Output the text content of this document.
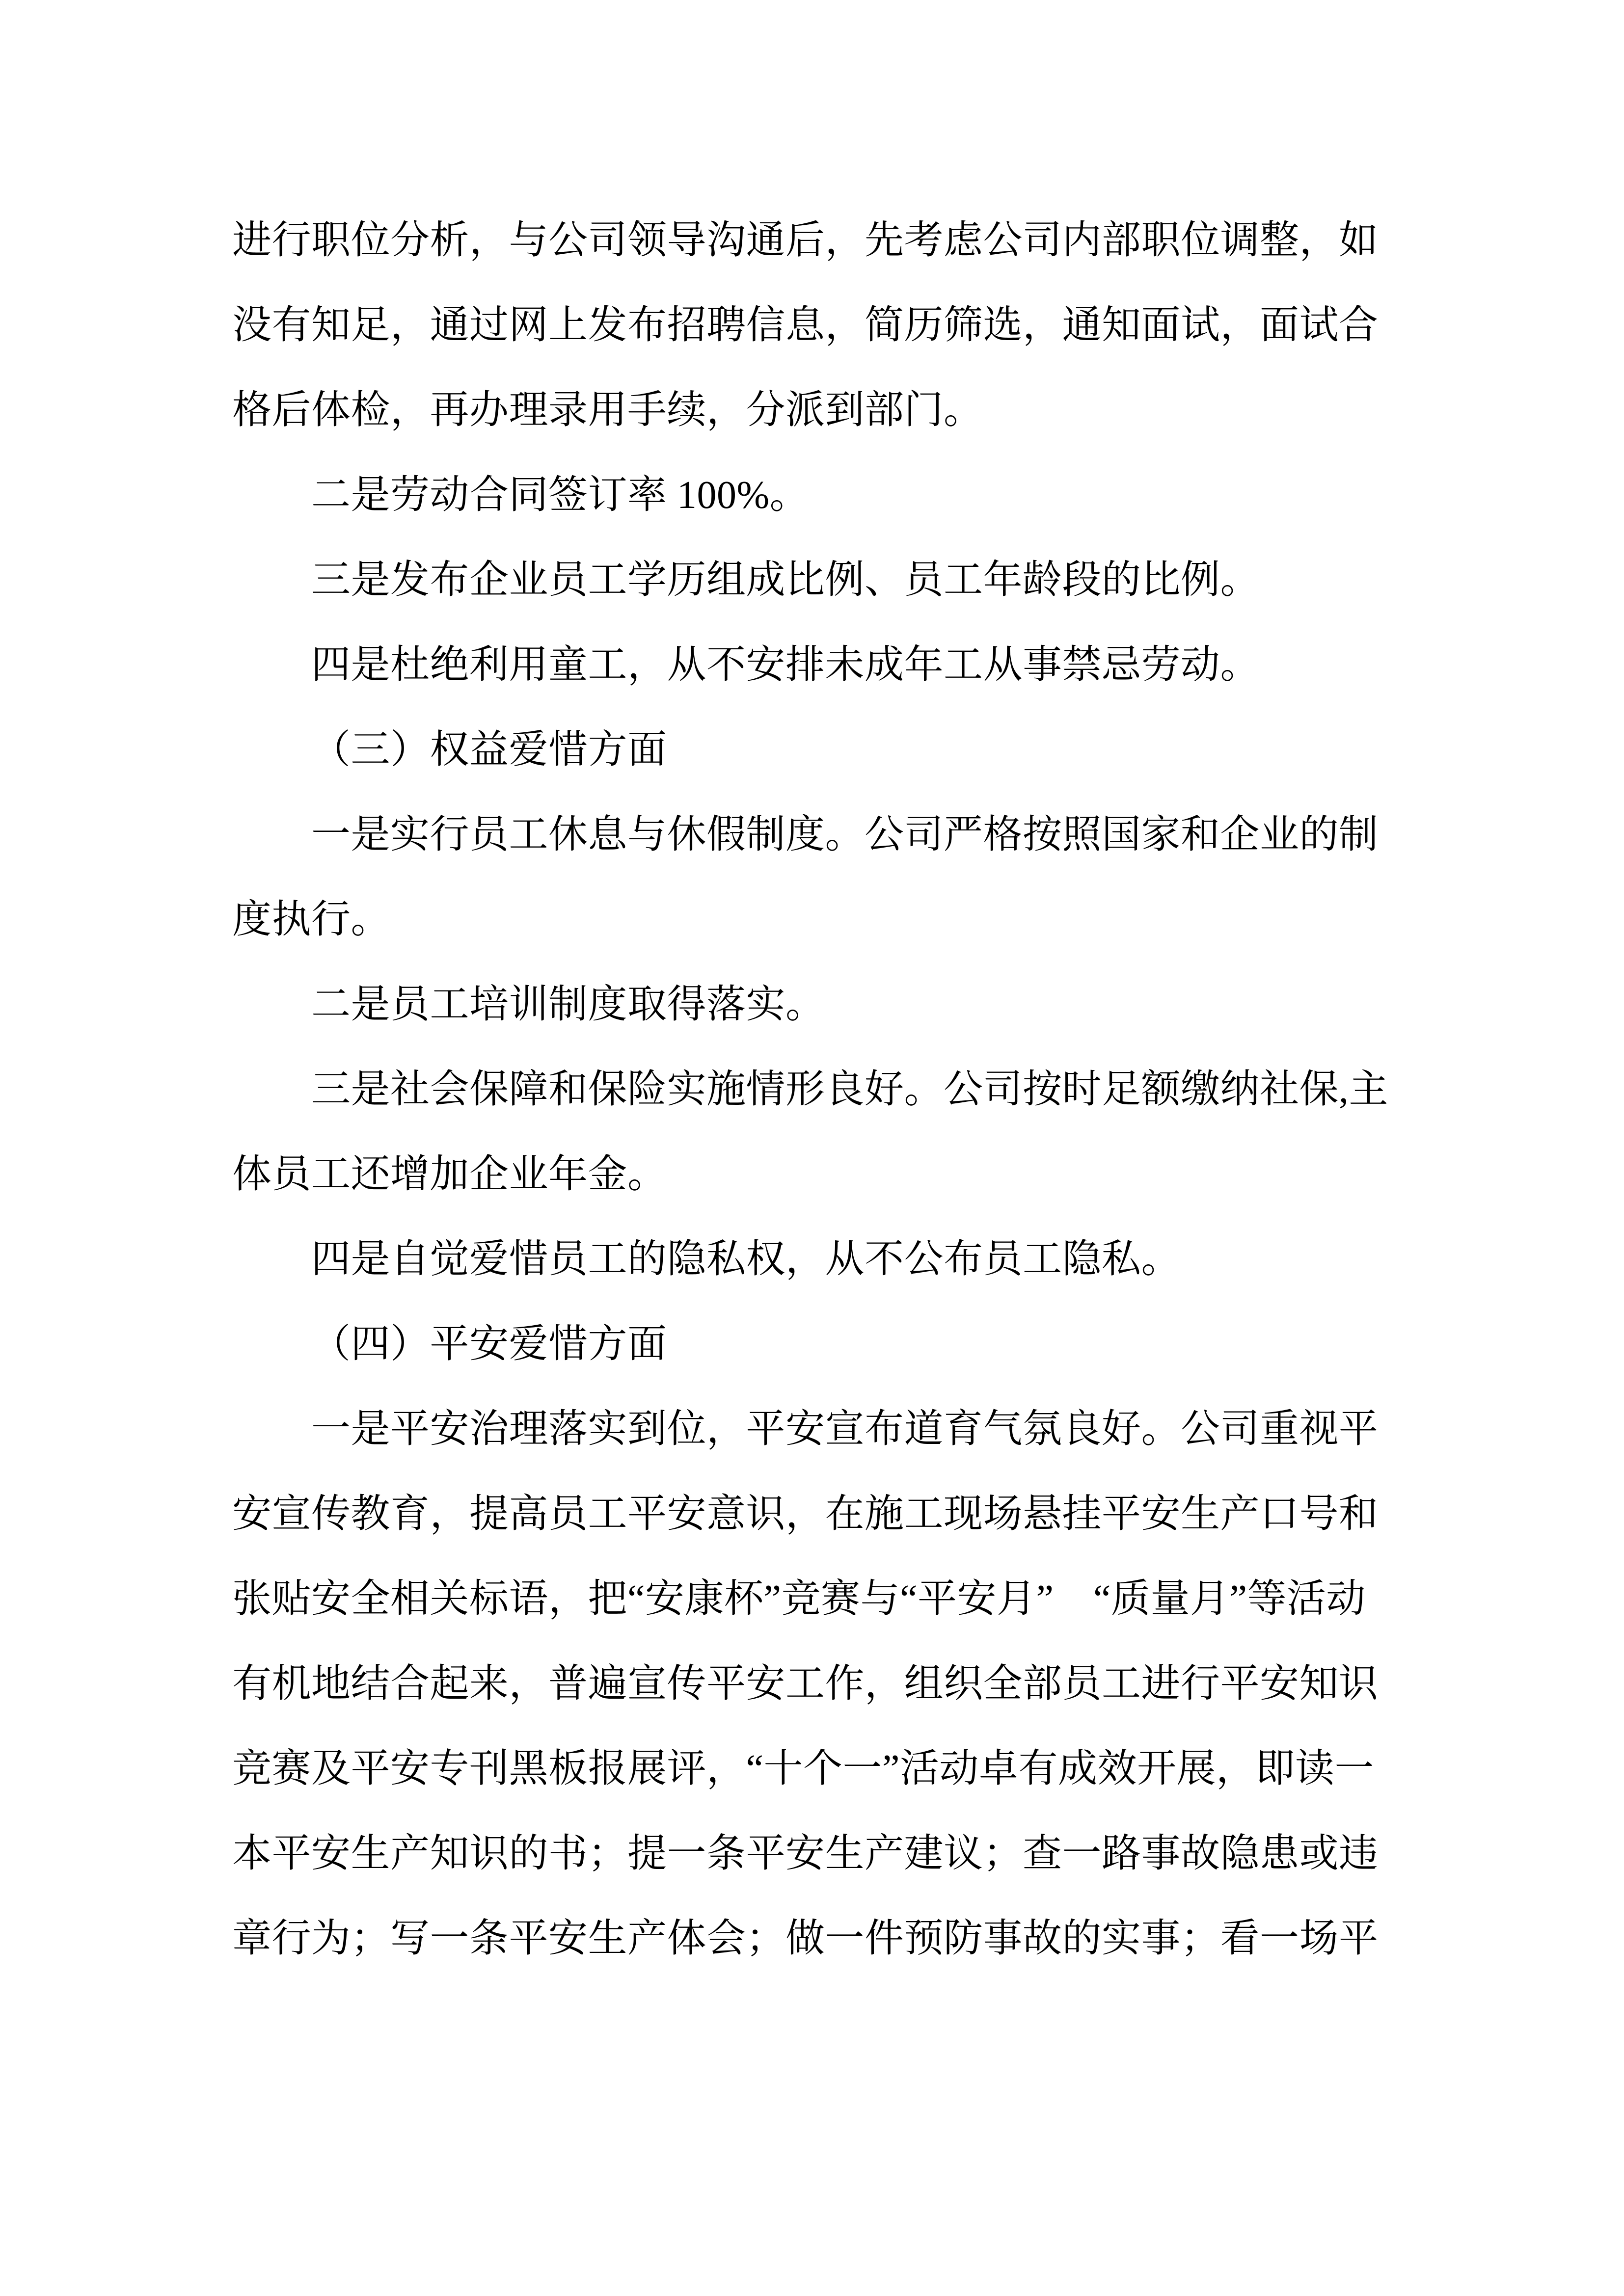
进行职位分析，与公司领导沟通后，先考虑公司内部职位调整，如
没有知足，通过网上发布招聘信息，简历筛选，通知面试，面试合
格后体检，再办理录用手续，分派到部门。
二是劳动合同签订率 100%。
三是发布企业员工学历组成比例、员工年龄段的比例。
四是杜绝利用童工，从不安排未成年工从事禁忌劳动。
（三）权益爱惜方面
一是实行员工休息与休假制度。公司严格按照国家和企业的制
度执行。
二是员工培训制度取得落实。
三是社会保障和保险实施情形良好。公司按时足额缴纳社保,主
体员工还增加企业年金。
四是自觉爱惜员工的隐私权，从不公布员工隐私。
（四）平安爱惜方面
一是平安治理落实到位，平安宣布道育气氛良好。公司重视平
安宣传教育，提高员工平安意识，在施工现场悬挂平安生产口号和
张贴安全相关标语，把“安康杯”竞赛与“平安月”　“质量月”等活动
有机地结合起来，普遍宣传平安工作，组织全部员工进行平安知识
竞赛及平安专刊黑板报展评，“十个一”活动卓有成效开展，即读一
本平安生产知识的书；提一条平安生产建议；查一路事故隐患或违
章行为；写一条平安生产体会；做一件预防事故的实事；看一场平
